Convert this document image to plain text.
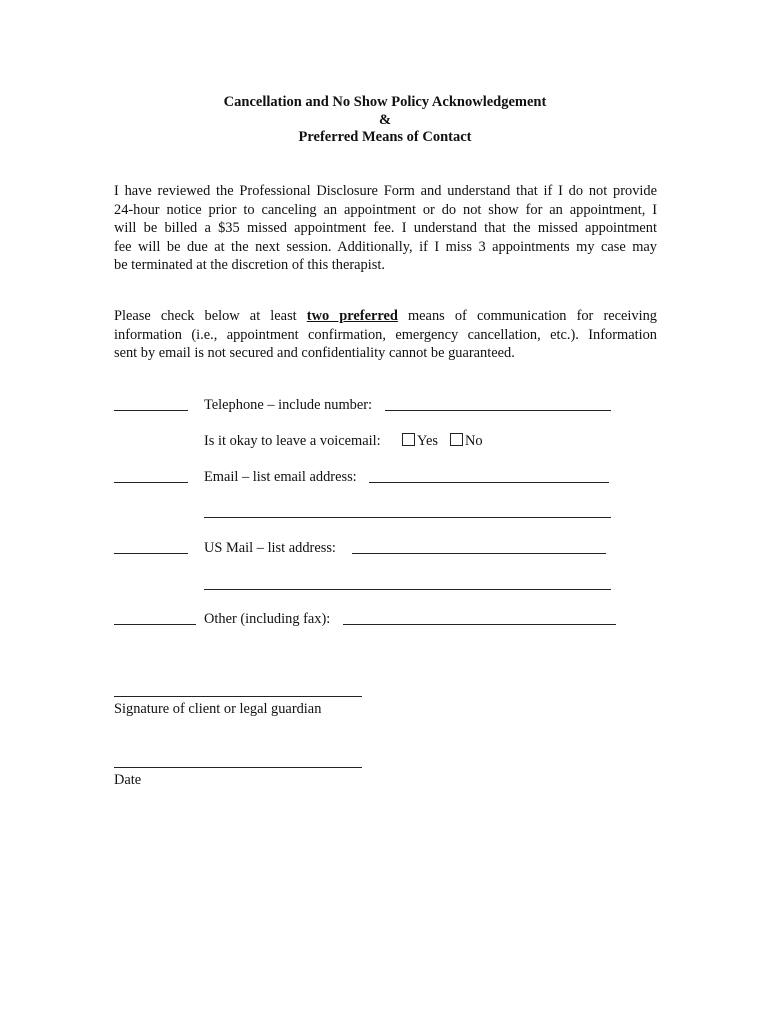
Cancellation and No Show Policy Acknowledgement
&
Preferred Means of Contact
I have reviewed the Professional Disclosure Form and understand that if I do not provide
24-hour notice prior to canceling an appointment or do not show for an appointment, I
will be billed a $35 missed appointment fee. I understand that the missed appointment
fee will be due at the next session. Additionally, if I miss 3 appointments my case may
be terminated at the discretion of this therapist.
Please check below at least two preferred means of communication for receiving
information (i.e., appointment confirmation, emergency cancellation, etc.). Information
sent by email is not secured and confidentiality cannot be guaranteed.
Telephone – include number:
Is it okay to leave a voicemail:	Yes No
Email – list email address:
US Mail – list address:
Other (including fax):
Signature of client or legal guardian
Date
